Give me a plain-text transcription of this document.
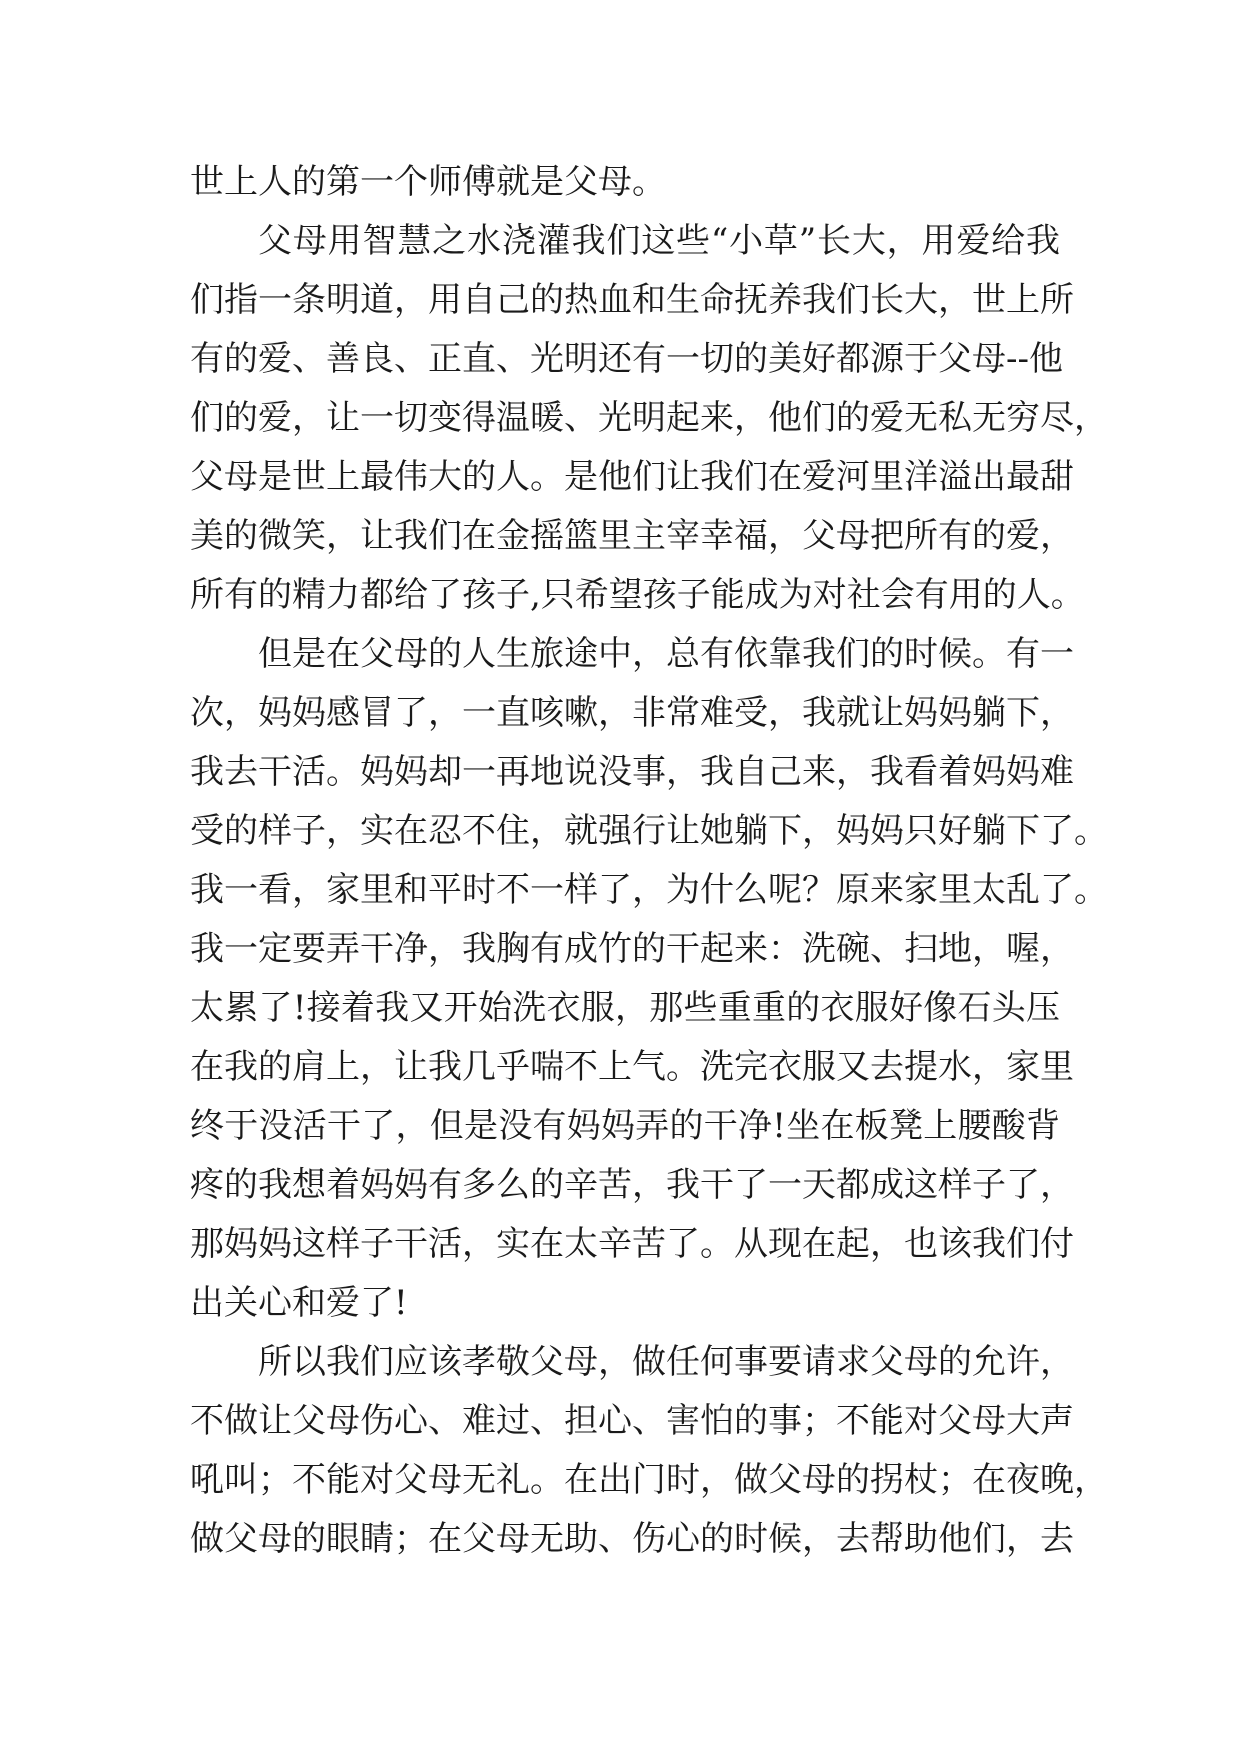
世上人的第一个师傅就是父母。
父母用智慧之水浇灌我们这些“小草”长大，用爱给我
们指一条明道，用自己的热血和生命抚养我们长大，世上所
有的爱、善良、正直、光明还有一切的美好都源于父母--他
们的爱，让一切变得温暖、光明起来，他们的爱无私无穷尽，
父母是世上最伟大的人。是他们让我们在爱河里洋溢出最甜
美的微笑，让我们在金摇篮里主宰幸福，父母把所有的爱，
所有的精力都给了孩子,只希望孩子能成为对社会有用的人。
但是在父母的人生旅途中，总有依靠我们的时候。有一
次，妈妈感冒了，一直咳嗽，非常难受，我就让妈妈躺下，
我去干活。妈妈却一再地说没事，我自己来，我看着妈妈难
受的样子，实在忍不住，就强行让她躺下，妈妈只好躺下了。
我一看，家里和平时不一样了，为什么呢？原来家里太乱了。
我一定要弄干净，我胸有成竹的干起来：洗碗、扫地，喔，
太累了!接着我又开始洗衣服，那些重重的衣服好像石头压
在我的肩上，让我几乎喘不上气。洗完衣服又去提水，家里
终于没活干了，但是没有妈妈弄的干净!坐在板凳上腰酸背
疼的我想着妈妈有多么的辛苦，我干了一天都成这样子了，
那妈妈这样子干活，实在太辛苦了。从现在起，也该我们付
出关心和爱了!
所以我们应该孝敬父母，做任何事要请求父母的允许，
不做让父母伤心、难过、担心、害怕的事；不能对父母大声
吼叫；不能对父母无礼。在出门时，做父母的拐杖；在夜晚，
做父母的眼睛；在父母无助、伤心的时候，去帮助他们，去
